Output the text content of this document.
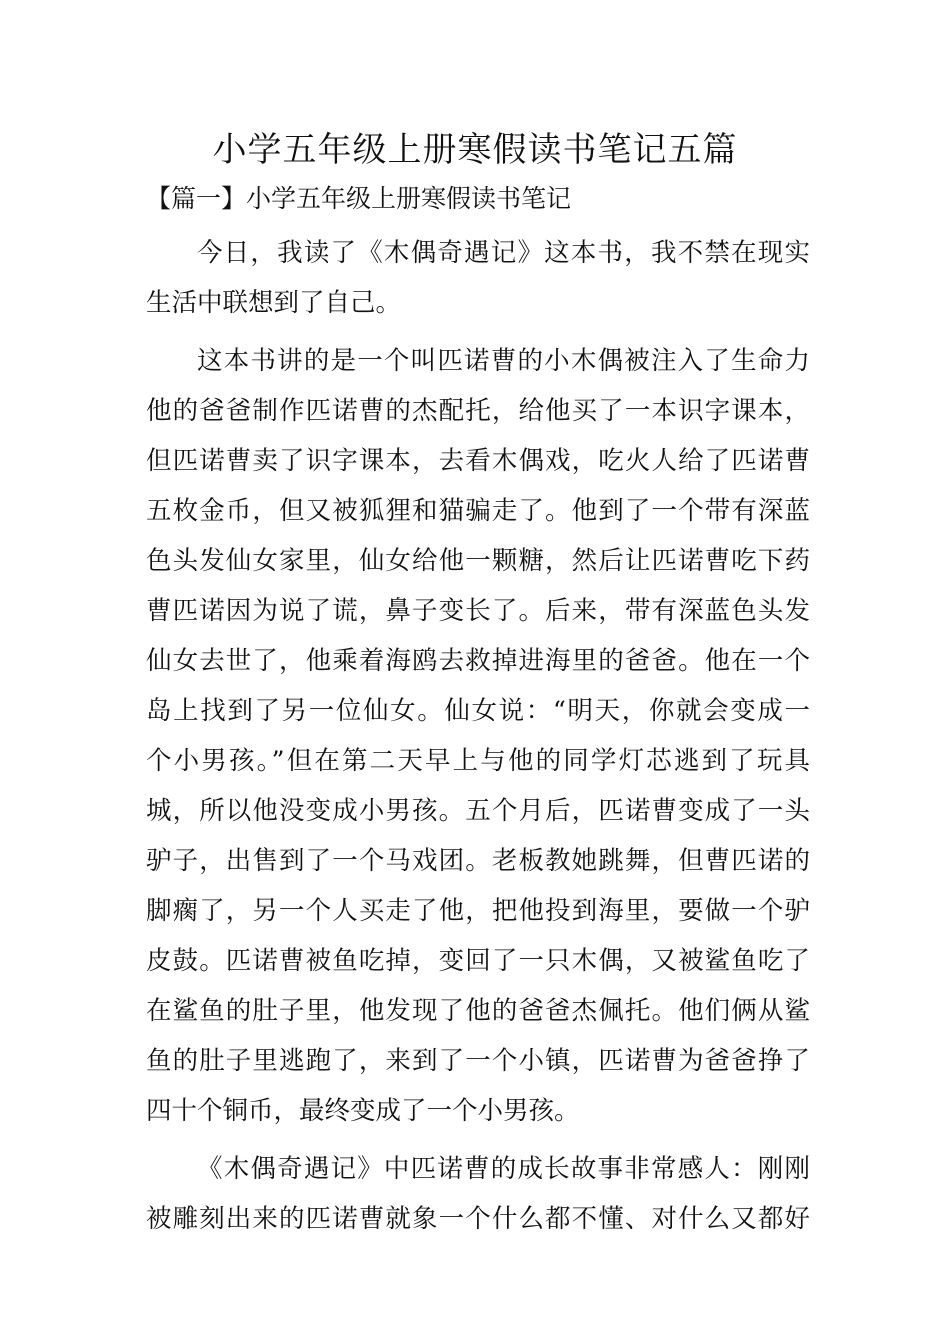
小学五年级上册寒假读书笔记五篇

【篇一】小学五年级上册寒假读书笔记

今日，我读了《木偶奇遇记》这本书，我不禁在现实
生活中联想到了自己。
这本书讲的是一个叫匹诺曹的小木偶被注入了生命力
他的爸爸制作匹诺曹的杰配托，给他买了一本识字课本，
但匹诺曹卖了识字课本，去看木偶戏，吃火人给了匹诺曹
五枚金币，但又被狐狸和猫骗走了。他到了一个带有深蓝
色头发仙女家里，仙女给他一颗糖，然后让匹诺曹吃下药
曹匹诺因为说了谎，鼻子变长了。后来，带有深蓝色头发
仙女去世了，他乘着海鸥去救掉进海里的爸爸。他在一个
岛上找到了另一位仙女。仙女说：“明天，你就会变成一
个小男孩。”但在第二天早上与他的同学灯芯逃到了玩具
城，所以他没变成小男孩。五个月后，匹诺曹变成了一头
驴子，出售到了一个马戏团。老板教她跳舞，但曹匹诺的
脚瘸了，另一个人买走了他，把他投到海里，要做一个驴
皮鼓。匹诺曹被鱼吃掉，变回了一只木偶，又被鲨鱼吃了
在鲨鱼的肚子里，他发现了他的爸爸杰佩托。他们俩从鲨
鱼的肚子里逃跑了，来到了一个小镇，匹诺曹为爸爸挣了
四十个铜币，最终变成了一个小男孩。
《木偶奇遇记》中匹诺曹的成长故事非常感人：刚刚
被雕刻出来的匹诺曹就象一个什么都不懂、对什么又都好
